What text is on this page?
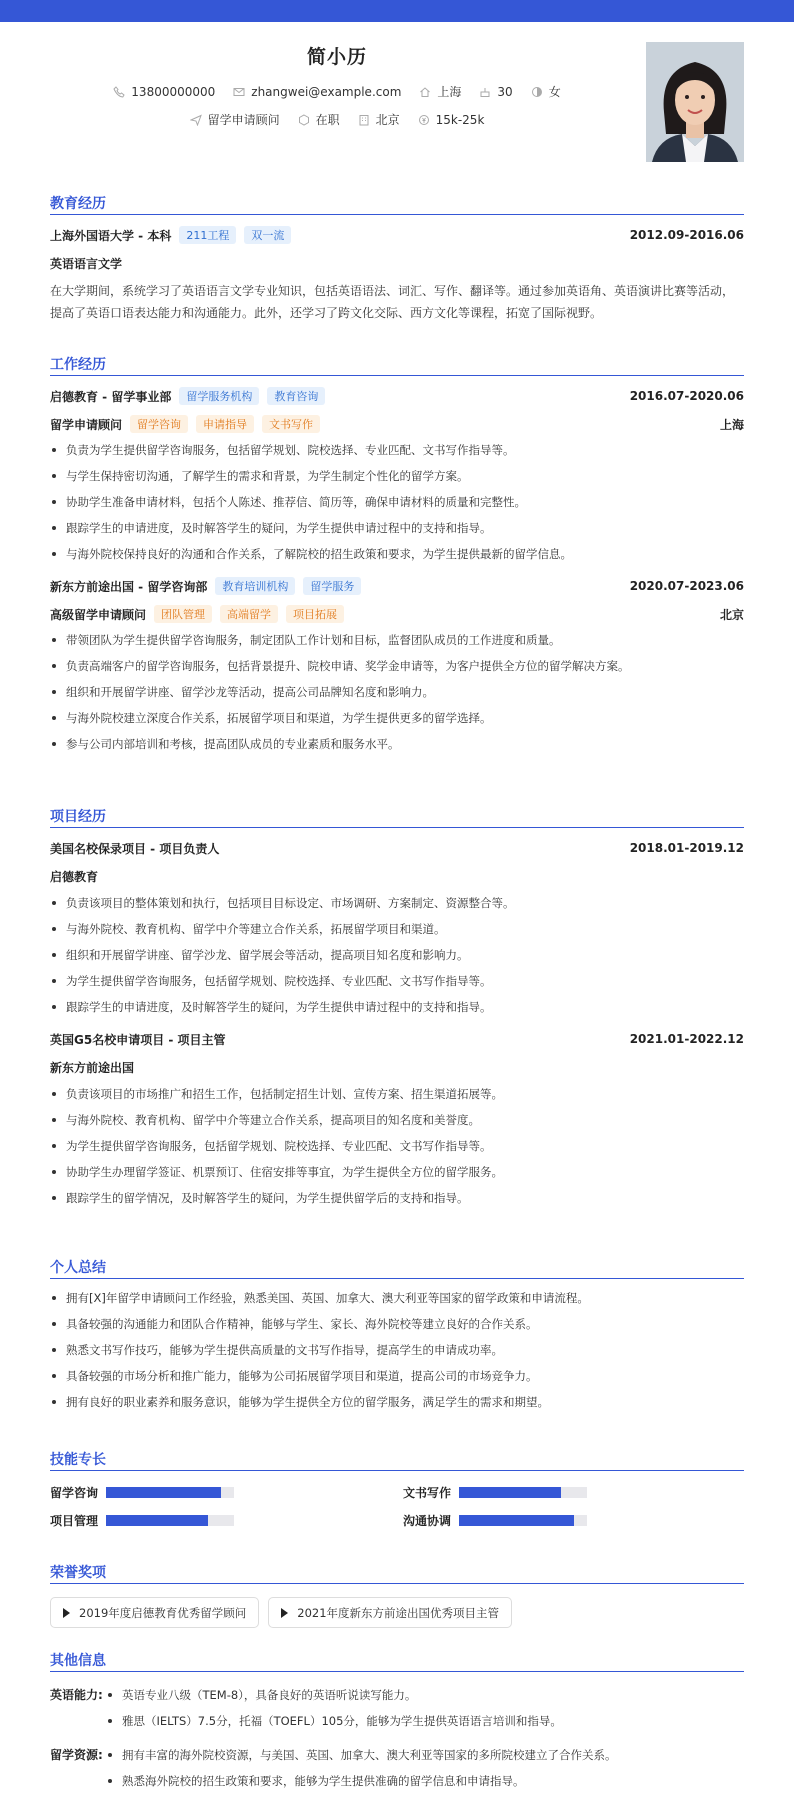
简小历
13800000000	zhangwei@example.com	上海	30	女
留学申请顾问	在职	北京	15k-25k
教育经历
上海外国语大学 - 本科	211工程	双一流	2012.09-2016.06
英语语言文学
在大学期间，系统学习了英语语言文学专业知识，包括英语语法、词汇、写作、翻译等。通过参加英语角、英语演讲比赛等活动，提高了英语口语表达能力和沟通能力。此外，还学习了跨文化交际、西方文化等课程，拓宽了国际视野。
工作经历
启德教育 - 留学事业部	留学服务机构	教育咨询	2016.07-2020.06
留学申请顾问	留学咨询	申请指导	文书写作	上海
负责为学生提供留学咨询服务，包括留学规划、院校选择、专业匹配、文书写作指导等。
与学生保持密切沟通，了解学生的需求和背景，为学生制定个性化的留学方案。
协助学生准备申请材料，包括个人陈述、推荐信、简历等，确保申请材料的质量和完整性。
跟踪学生的申请进度，及时解答学生的疑问，为学生提供申请过程中的支持和指导。
与海外院校保持良好的沟通和合作关系，了解院校的招生政策和要求，为学生提供最新的留学信息。
新东方前途出国 - 留学咨询部	教育培训机构	留学服务	2020.07-2023.06
高级留学申请顾问	团队管理	高端留学	项目拓展	北京
带领团队为学生提供留学咨询服务，制定团队工作计划和目标，监督团队成员的工作进度和质量。
负责高端客户的留学咨询服务，包括背景提升、院校申请、奖学金申请等，为客户提供全方位的留学解决方案。
组织和开展留学讲座、留学沙龙等活动，提高公司品牌知名度和影响力。
与海外院校建立深度合作关系，拓展留学项目和渠道，为学生提供更多的留学选择。
参与公司内部培训和考核，提高团队成员的专业素质和服务水平。
项目经历
美国名校保录项目 - 项目负责人	2018.01-2019.12
启德教育
负责该项目的整体策划和执行，包括项目目标设定、市场调研、方案制定、资源整合等。
与海外院校、教育机构、留学中介等建立合作关系，拓展留学项目和渠道。
组织和开展留学讲座、留学沙龙、留学展会等活动，提高项目知名度和影响力。
为学生提供留学咨询服务，包括留学规划、院校选择、专业匹配、文书写作指导等。
跟踪学生的申请进度，及时解答学生的疑问，为学生提供申请过程中的支持和指导。
英国G5名校申请项目 - 项目主管	2021.01-2022.12
新东方前途出国
负责该项目的市场推广和招生工作，包括制定招生计划、宣传方案、招生渠道拓展等。
与海外院校、教育机构、留学中介等建立合作关系，提高项目的知名度和美誉度。
为学生提供留学咨询服务，包括留学规划、院校选择、专业匹配、文书写作指导等。
协助学生办理留学签证、机票预订、住宿安排等事宜，为学生提供全方位的留学服务。
跟踪学生的留学情况，及时解答学生的疑问，为学生提供留学后的支持和指导。
个人总结
拥有[X]年留学申请顾问工作经验，熟悉美国、英国、加拿大、澳大利亚等国家的留学政策和申请流程。
具备较强的沟通能力和团队合作精神，能够与学生、家长、海外院校等建立良好的合作关系。
熟悉文书写作技巧，能够为学生提供高质量的文书写作指导，提高学生的申请成功率。
具备较强的市场分析和推广能力，能够为公司拓展留学项目和渠道，提高公司的市场竞争力。
拥有良好的职业素养和服务意识，能够为学生提供全方位的留学服务，满足学生的需求和期望。
技能专长
留学咨询	文书写作
项目管理	沟通协调
荣誉奖项
2019年度启德教育优秀留学顾问	2021年度新东方前途出国优秀项目主管
其他信息
英语能力:	英语专业八级（TEM-8），具备良好的英语听说读写能力。
雅思（IELTS）7.5分，托福（TOEFL）105分，能够为学生提供英语语言培训和指导。
留学资源:	拥有丰富的海外院校资源，与美国、英国、加拿大、澳大利亚等国家的多所院校建立了合作关系。
熟悉海外院校的招生政策和要求，能够为学生提供准确的留学信息和申请指导。
